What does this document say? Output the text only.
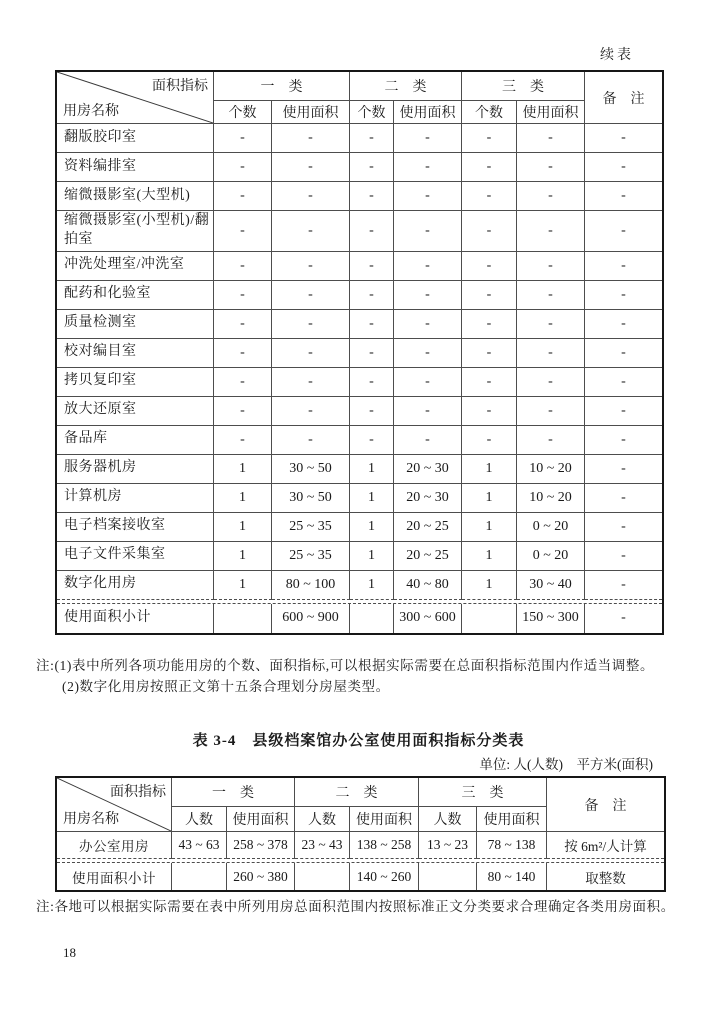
续表
面积指标
用房名称	一　类		二　类		三　类		备　注
	个数	使用面积	个数	使用面积	个数	使用面积	
翻版胶印室	-	-	-	-	-	-	-
资料编排室	-	-	-	-	-	-	-
缩微摄影室(大型机)	-	-	-	-	-	-	-
缩微摄影室(小型机)/翻拍室	-	-	-	-	-	-	-
冲洗处理室/冲洗室	-	-	-	-	-	-	-
配药和化验室	-	-	-	-	-	-	-
质量检测室	-	-	-	-	-	-	-
校对编目室	-	-	-	-	-	-	-
拷贝复印室	-	-	-	-	-	-	-
放大还原室	-	-	-	-	-	-	-
备品库	-	-	-	-	-	-	-
服务器机房	1	30 ~ 50	1	20 ~ 30	1	10 ~ 20	-
计算机房	1	30 ~ 50	1	20 ~ 30	1	10 ~ 20	-
电子档案接收室	1	25 ~ 35	1	20 ~ 25	1	0 ~ 20	-
电子文件采集室	1	25 ~ 35	1	20 ~ 25	1	0 ~ 20	-
数字化用房	1	80 ~ 100	1	40 ~ 80	1	30 ~ 40	-

使用面积小计		600 ~ 900		300 ~ 600		150 ~ 300	-
注:(1)表中所列各项功能用房的个数、面积指标,可以根据实际需要在总面积指标范围内作适当调整。
(2)数字化用房按照正文第十五条合理划分房屋类型。
表 3-4　县级档案馆办公室使用面积指标分类表
单位: 人(人数)　平方米(面积)
面积指标
用房名称	一　类		二　类		三　类		备　注
	人数	使用面积	人数	使用面积	人数	使用面积	
办公室用房	43 ~ 63	258 ~ 378	23 ~ 43	138 ~ 258	13 ~ 23	78 ~ 138	按 6m²/人计算

使用面积小计		260 ~ 380		140 ~ 260		80 ~ 140	取整数
注:各地可以根据实际需要在表中所列用房总面积范围内按照标准正文分类要求合理确定各类用房面积。
18
